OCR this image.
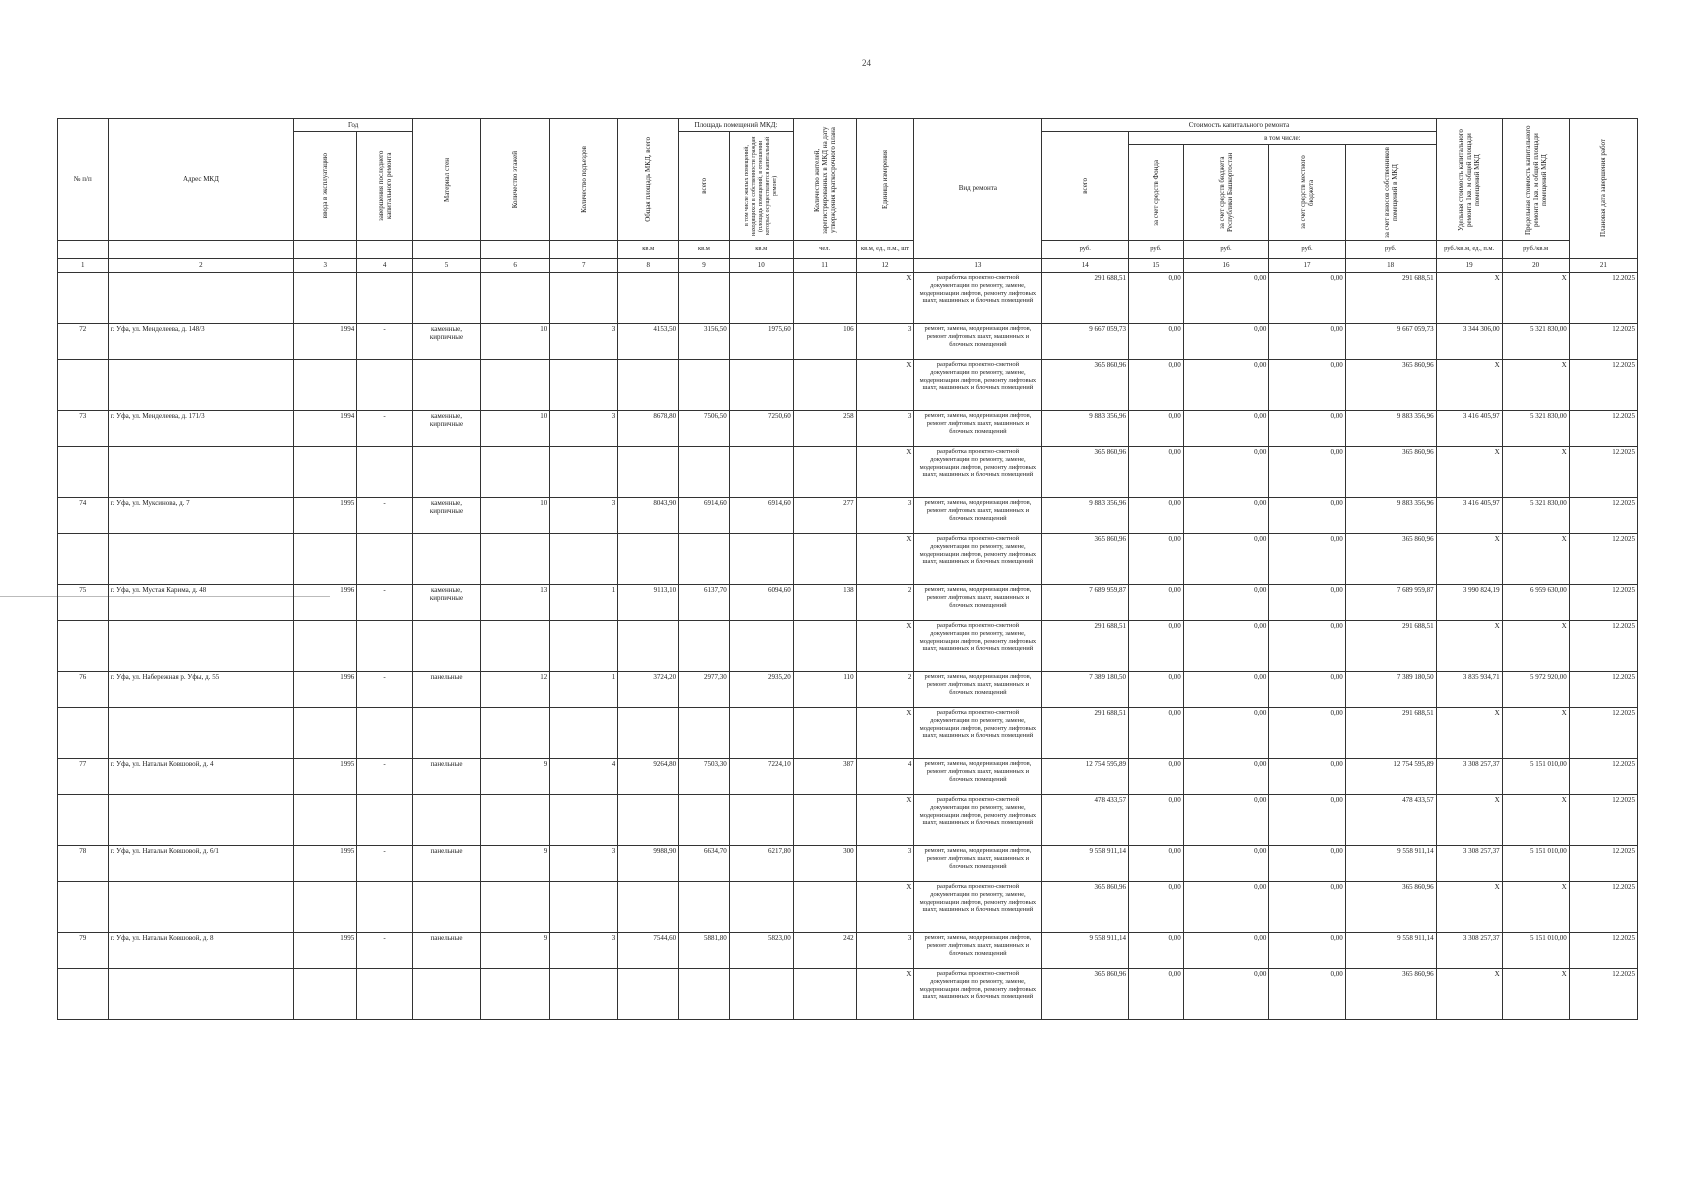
24
№ п/п	Адрес МКД	Год		Материал стен	Количество этажей	Количество подъездов	Общая площадь МКД, всего	Площадь помещений МКД:		Количество жителей, зарегистрированных в МКД на дату утверждения краткосрочного плана	Единица измерения	Вид ремонта	Стоимость капитального ремонта					Удельная стоимость капитального ремонта 1кв. м общей площади помещений МКД	Предельная стоимость капитального ремонта 1кв. м общей площади помещений МКД	Плановая дата завершения работ

		ввода в эксплуатацию	завершения последнего капитального ремонта					всего	в том числе жилых помещений, находящихся в собственности граждан (площадь помещений, в отношении которых осуществляется капитальный ремонт)				всего	в том числе:						

														за счет средств Фонда	за счет средств бюджета Республики Башкортостан	за счет средств местного бюджета	за счет взносов собственников помещений в МКД			

							кв.м	кв.м	кв.м	чел.	кв.м, ед., п.м., шт		руб.	руб.	руб.	руб.	руб.	руб./кв.м, ед., п.м.	руб./кв.м	
1	2	3	4	5	6	7	8	9	10	11	12	13	14	15	16	17	18	19	20	21
											X	разработка проектно-сметной документации по ремонту, замене, модернизации лифтов, ремонту лифтовых шахт, машинных и блочных помещений	291 688,51	0,00	0,00	0,00	291 688,51	X	X	12.2025
72	г. Уфа, ул. Менделеева, д. 148/3	1994	-	каменные, кирпичные	10	3	4153,50	3156,50	1975,60	106	3	ремонт, замена, модернизация лифтов, ремонт лифтовых шахт, машинных и блочных помещений	9 667 059,73	0,00	0,00	0,00	9 667 059,73	3 344 306,00	5 321 830,00	12.2025
											X	разработка проектно-сметной документации по ремонту, замене, модернизации лифтов, ремонту лифтовых шахт, машинных и блочных помещений	365 860,96	0,00	0,00	0,00	365 860,96	X	X	12.2025
73	г. Уфа, ул. Менделеева, д. 171/3	1994	-	каменные, кирпичные	10	3	8678,80	7506,50	7250,60	258	3	ремонт, замена, модернизация лифтов, ремонт лифтовых шахт, машинных и блочных помещений	9 883 356,96	0,00	0,00	0,00	9 883 356,96	3 416 405,97	5 321 830,00	12.2025
											X	разработка проектно-сметной документации по ремонту, замене, модернизации лифтов, ремонту лифтовых шахт, машинных и блочных помещений	365 860,96	0,00	0,00	0,00	365 860,96	X	X	12.2025
74	г. Уфа, ул. Муксинова, д. 7	1995	-	каменные, кирпичные	10	3	8043,90	6914,60	6914,60	277	3	ремонт, замена, модернизация лифтов, ремонт лифтовых шахт, машинных и блочных помещений	9 883 356,96	0,00	0,00	0,00	9 883 356,96	3 416 405,97	5 321 830,00	12.2025
											X	разработка проектно-сметной документации по ремонту, замене, модернизации лифтов, ремонту лифтовых шахт, машинных и блочных помещений	365 860,96	0,00	0,00	0,00	365 860,96	X	X	12.2025
75	г. Уфа, ул. Мустая Карима, д. 48	1996	-	каменные, кирпичные	13	1	9113,10	6137,70	6094,60	138	2	ремонт, замена, модернизация лифтов, ремонт лифтовых шахт, машинных и блочных помещений	7 689 959,87	0,00	0,00	0,00	7 689 959,87	3 990 824,19	6 959 630,00	12.2025
											X	разработка проектно-сметной документации по ремонту, замене, модернизации лифтов, ремонту лифтовых шахт, машинных и блочных помещений	291 688,51	0,00	0,00	0,00	291 688,51	X	X	12.2025
76	г. Уфа, ул. Набережная р. Уфы, д. 55	1996	-	панельные	12	1	3724,20	2977,30	2935,20	110	2	ремонт, замена, модернизация лифтов, ремонт лифтовых шахт, машинных и блочных помещений	7 389 180,50	0,00	0,00	0,00	7 389 180,50	3 835 934,71	5 972 920,00	12.2025
											X	разработка проектно-сметной документации по ремонту, замене, модернизации лифтов, ремонту лифтовых шахт, машинных и блочных помещений	291 688,51	0,00	0,00	0,00	291 688,51	X	X	12.2025
77	г. Уфа, ул. Натальи Ковшовой, д. 4	1995	-	панельные	9	4	9264,80	7503,30	7224,10	387	4	ремонт, замена, модернизация лифтов, ремонт лифтовых шахт, машинных и блочных помещений	12 754 595,89	0,00	0,00	0,00	12 754 595,89	3 308 257,37	5 151 010,00	12.2025
											X	разработка проектно-сметной документации по ремонту, замене, модернизации лифтов, ремонту лифтовых шахт, машинных и блочных помещений	478 433,57	0,00	0,00	0,00	478 433,57	X	X	12.2025
78	г. Уфа, ул. Натальи Ковшовой, д. 6/1	1995	-	панельные	9	3	9988,90	6634,70	6217,80	300	3	ремонт, замена, модернизация лифтов, ремонт лифтовых шахт, машинных и блочных помещений	9 558 911,14	0,00	0,00	0,00	9 558 911,14	3 308 257,37	5 151 010,00	12.2025
											X	разработка проектно-сметной документации по ремонту, замене, модернизации лифтов, ремонту лифтовых шахт, машинных и блочных помещений	365 860,96	0,00	0,00	0,00	365 860,96	X	X	12.2025
79	г. Уфа, ул. Натальи Ковшовой, д. 8	1995	-	панельные	9	3	7544,60	5881,80	5823,00	242	3	ремонт, замена, модернизация лифтов, ремонт лифтовых шахт, машинных и блочных помещений	9 558 911,14	0,00	0,00	0,00	9 558 911,14	3 308 257,37	5 151 010,00	12.2025
											X	разработка проектно-сметной документации по ремонту, замене, модернизации лифтов, ремонту лифтовых шахт, машинных и блочных помещений	365 860,96	0,00	0,00	0,00	365 860,96	X	X	12.2025
